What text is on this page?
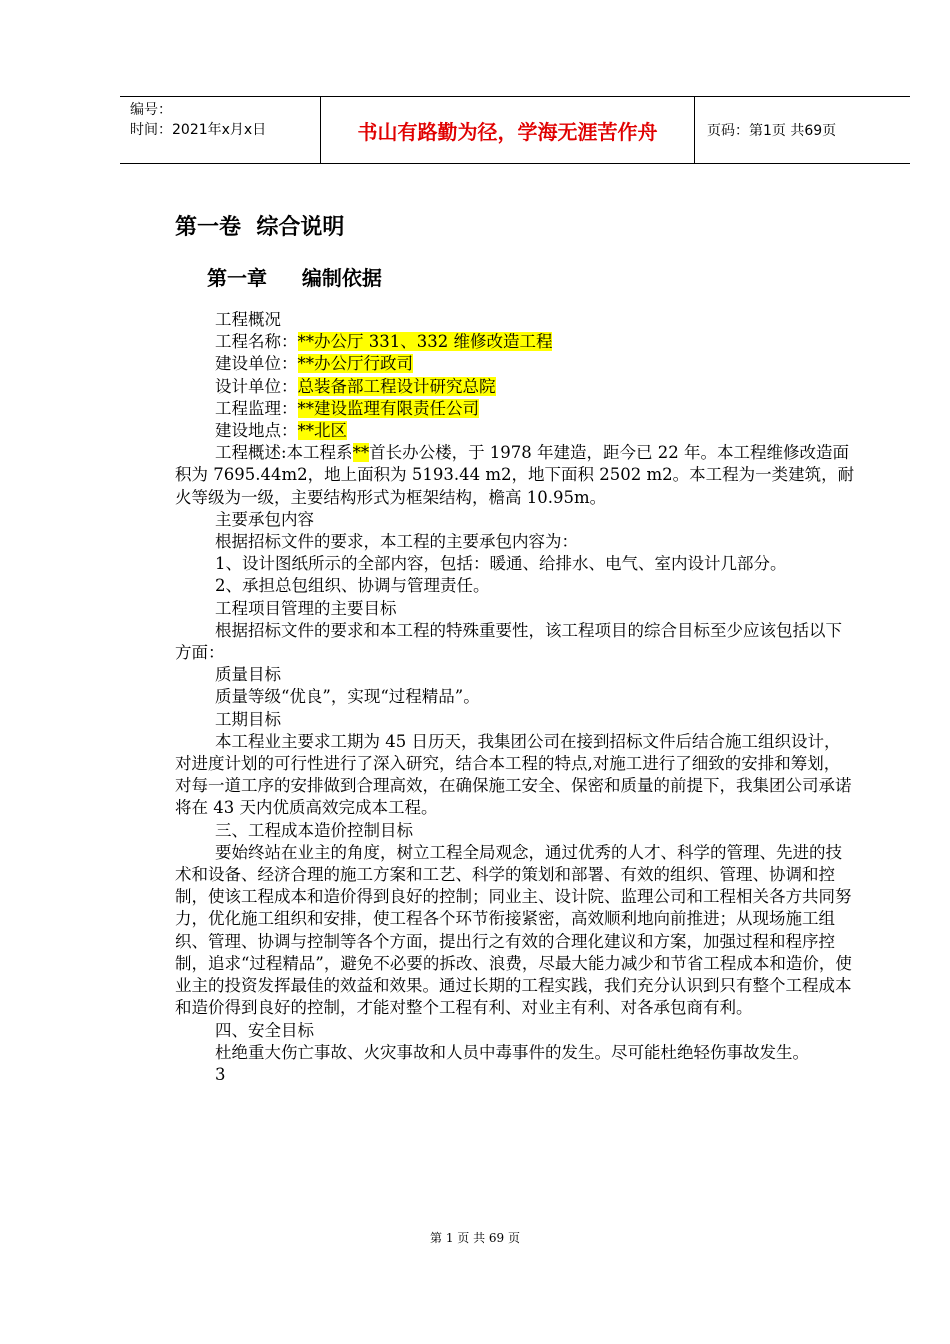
编号：
时间：2021年x月x日	书山有路勤为径，学海无涯苦作舟	页码：第1页 共69页
第一卷  综合说明
第一章     编制依据

工程概况

工程名称：**办公厅 331、332 维修改造工程

建设单位：**办公厅行政司

设计单位：总装备部工程设计研究总院

工程监理：**建设监理有限责任公司

建设地点：**北区

工程概述:本工程系**首长办公楼，于 1978 年建造，距今已 22 年。本工程维修改造面积为 7695.44m2，地上面积为 5193.44 m2，地下面积 2502 m2。本工程为一类建筑，耐火等级为一级，主要结构形式为框架结构，檐高 10.95m。

主要承包内容

根据招标文件的要求，本工程的主要承包内容为：

1、设计图纸所示的全部内容，包括：暖通、给排水、电气、室内设计几部分。

2、承担总包组织、协调与管理责任。

工程项目管理的主要目标

根据招标文件的要求和本工程的特殊重要性，该工程项目的综合目标至少应该包括以下方面：

质量目标

质量等级“优良”，实现“过程精品”。

工期目标

本工程业主要求工期为 45 日历天，我集团公司在接到招标文件后结合施工组织设计，对进度计划的可行性进行了深入研究，结合本工程的特点,对施工进行了细致的安排和筹划，对每一道工序的安排做到合理高效，在确保施工安全、保密和质量的前提下，我集团公司承诺将在 43 天内优质高效完成本工程。

三、工程成本造价控制目标

要始终站在业主的角度，树立工程全局观念，通过优秀的人才、科学的管理、先进的技术和设备、经济合理的施工方案和工艺、科学的策划和部署、有效的组织、管理、协调和控制，使该工程成本和造价得到良好的控制；同业主、设计院、监理公司和工程相关各方共同努力，优化施工组织和安排，使工程各个环节衔接紧密，高效顺利地向前推进；从现场施工组织、管理、协调与控制等各个方面，提出行之有效的合理化建议和方案，加强过程和程序控制，追求“过程精品”，避免不必要的拆改、浪费，尽最大能力减少和节省工程成本和造价，使业主的投资发挥最佳的效益和效果。通过长期的工程实践，我们充分认识到只有整个工程成本和造价得到良好的控制，才能对整个工程有利、对业主有利、对各承包商有利。

四、安全目标

杜绝重大伤亡事故、火灾事故和人员中毒事件的发生。尽可能杜绝轻伤事故发生。

3

第 1 页 共 69 页
